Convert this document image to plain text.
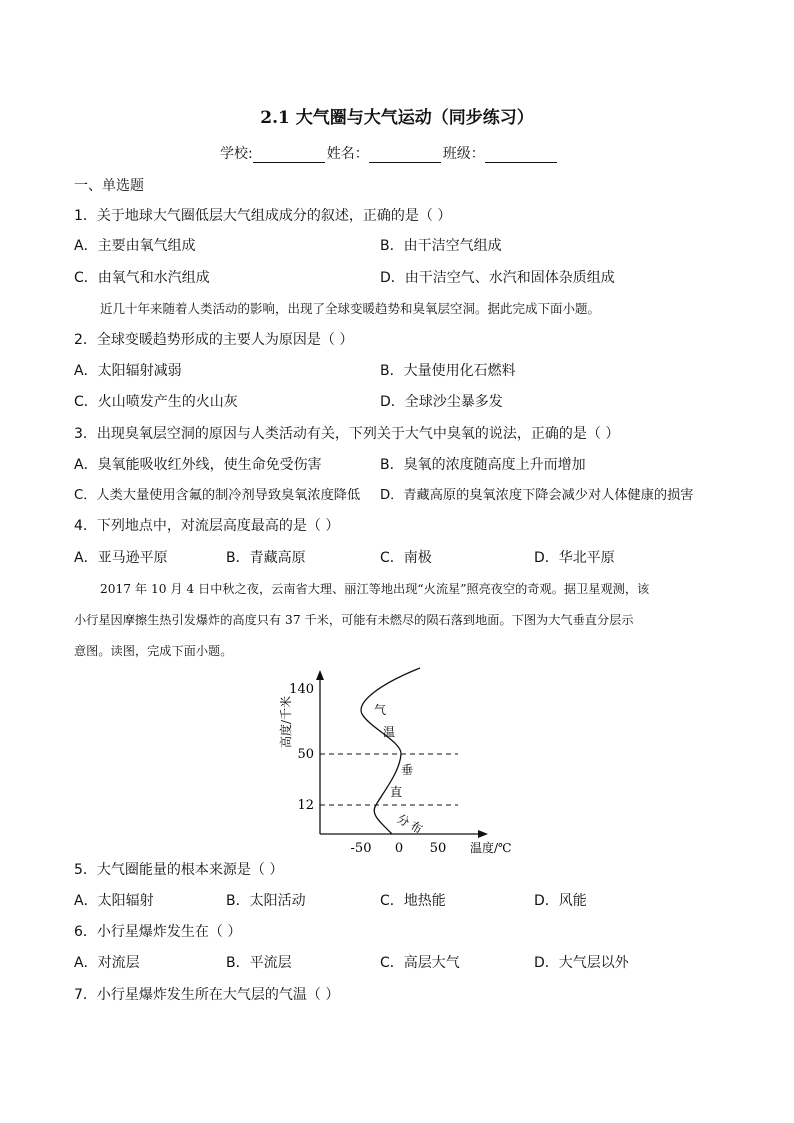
2.1 大气圈与大气运动（同步练习）
学校:	姓名：	班级：
一、单选题
1．关于地球大气圈低层大气组成成分的叙述，正确的是（ ）
A．主要由氧气组成	B．由干洁空气组成
C．由氧气和水汽组成	D．由干洁空气、水汽和固体杂质组成
近几十年来随着人类活动的影响，出现了全球变暖趋势和臭氧层空洞。据此完成下面小题。
2．全球变暖趋势形成的主要人为原因是（ ）
A．太阳辐射减弱	B．大量使用化石燃料
C．火山喷发产生的火山灰	D．全球沙尘暴多发
3．出现臭氧层空洞的原因与人类活动有关，下列关于大气中臭氧的说法，正确的是（ ）
A．臭氧能吸收红外线，使生命免受伤害	B．臭氧的浓度随高度上升而增加
C．人类大量使用含氟的制冷剂导致臭氧浓度降低 D．青藏高原的臭氧浓度下降会减少对人体健康的损害
4．下列地点中，对流层高度最高的是（ ）
A．亚马逊平原	B．青藏高原	C．南极	D．华北平原
2017 年 10 月 4 日中秋之夜，云南省大理、丽江等地出现“火流星”照亮夜空的奇观。据卫星观测，该
小行星因摩擦生热引发爆炸的高度只有 37 千米，可能有未燃尽的陨石落到地面。下图为大气垂直分层示
意图。读图，完成下面小题。
140
50
12
-50 0 50 温度/℃
高度/千米	气
温
垂
直
分
布
5．大气圈能量的根本来源是（ ）
A．太阳辐射	B．太阳活动	C．地热能	D．风能
6．小行星爆炸发生在（ ）
A．对流层	B．平流层	C．高层大气	D．大气层以外
7．小行星爆炸发生所在大气层的气温（ ）
